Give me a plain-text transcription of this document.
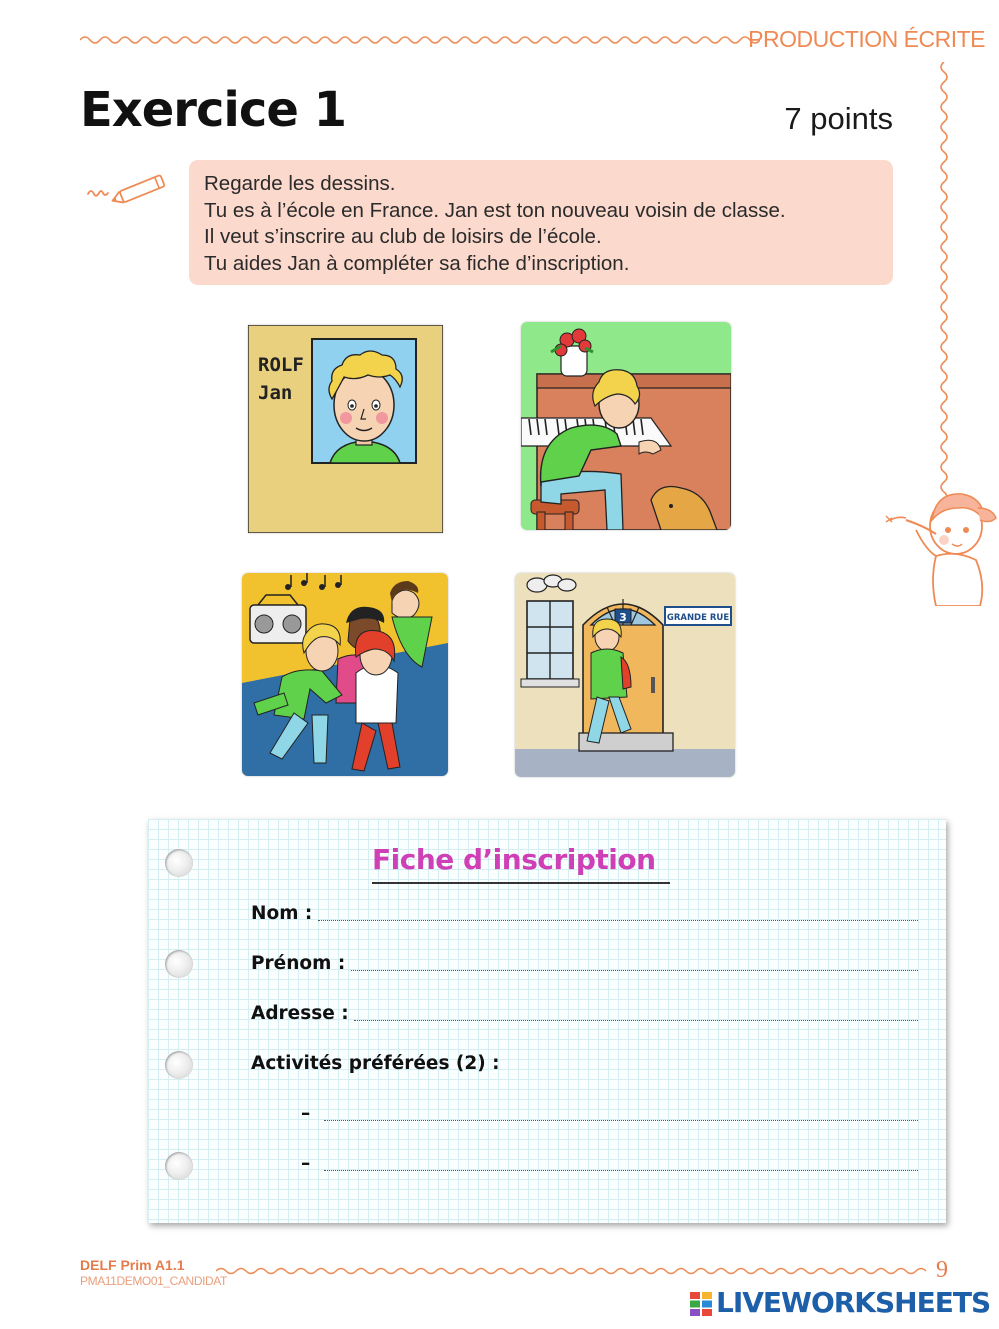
PRODUCTION ÉCRITE
Exercice 1	7 points

Regarde les dessins.

Tu es à l’école en France. Jan est ton nouveau voisin de classe.

Il veut s’inscrire au club de loisirs de l’école.

Tu aides Jan à compléter sa fiche d’inscription.

ROLF
Jan
3	GRANDE RUE
Fiche d’inscription
Nom :
Prénom :
Adresse :
Activités préférées (2) :
–
–
DELF Prim A1.1
PMA11DEMO01_CANDIDAT	9
LIVEWORKSHEETS
